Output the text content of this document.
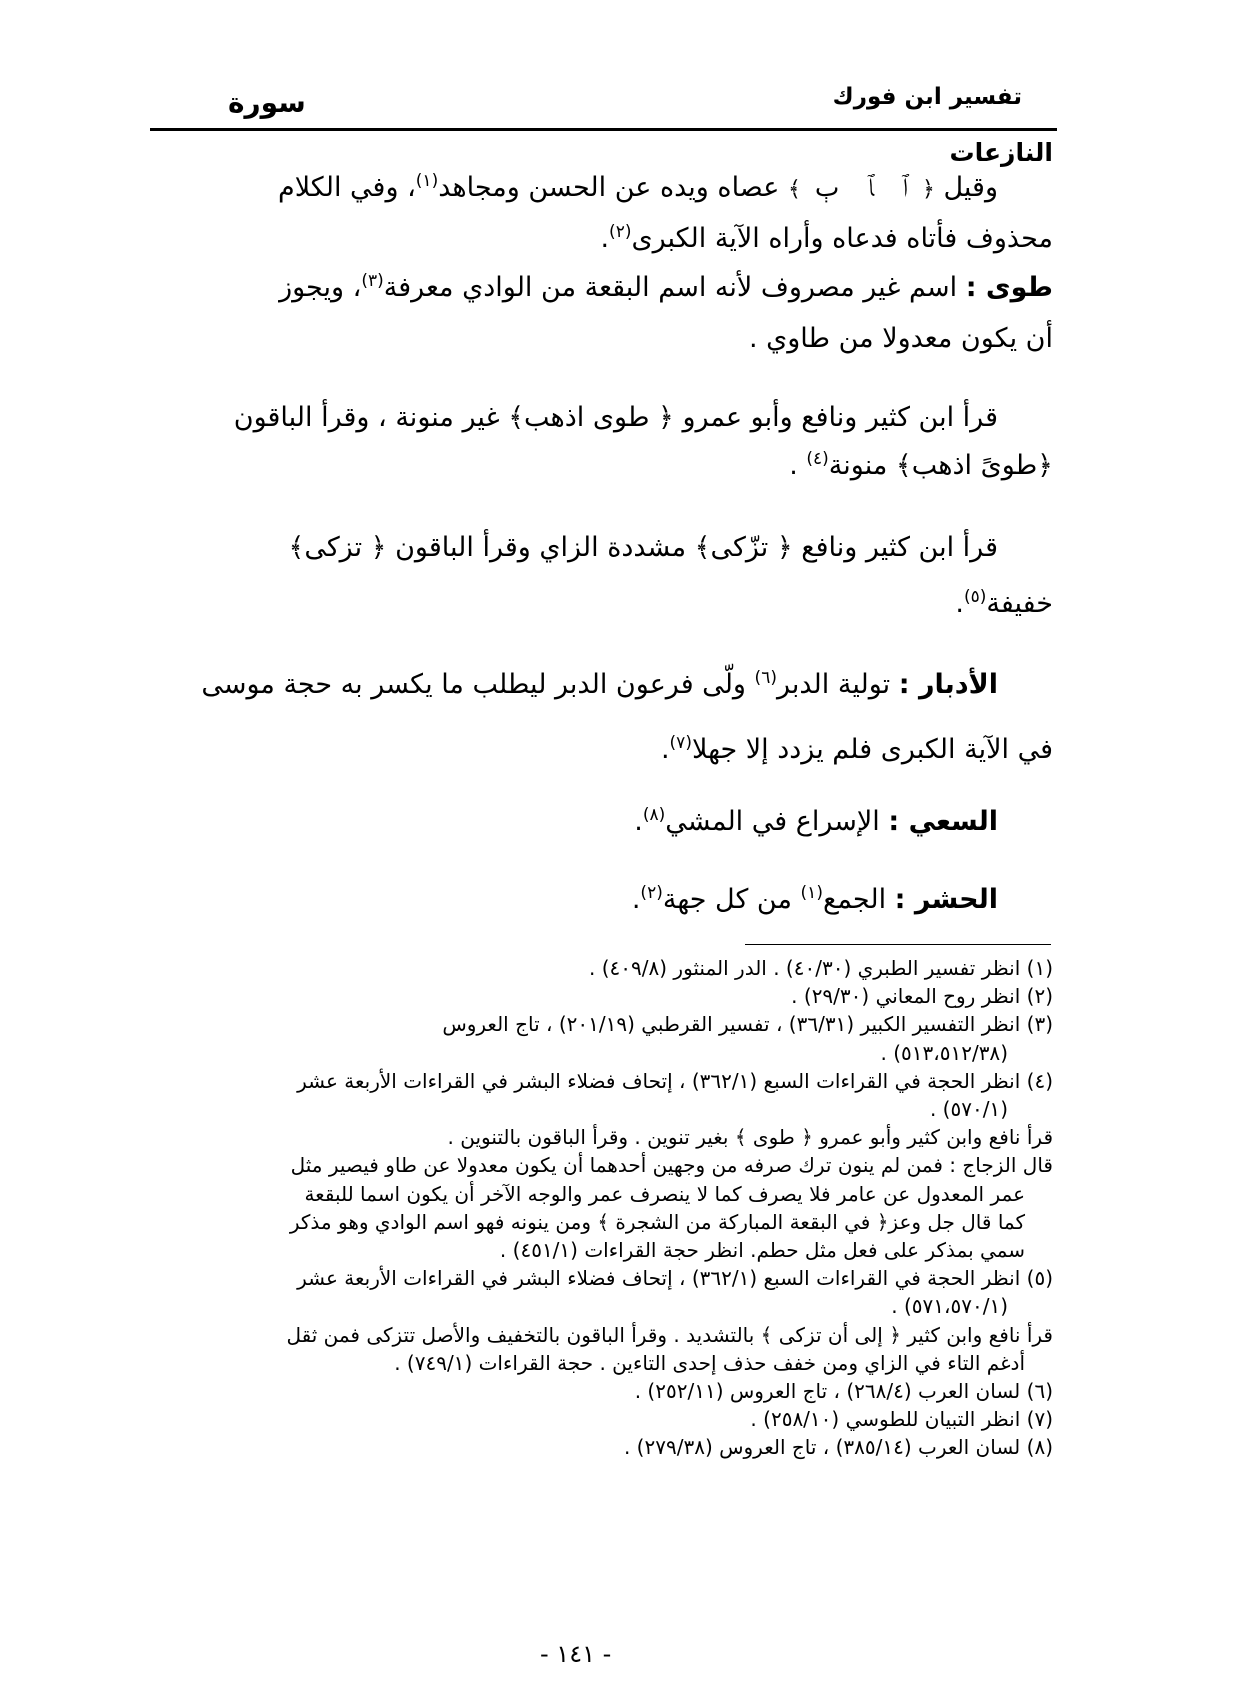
تفسير ابن فورك
سورة
النازعات

وقيل ﴿ﭐﭑﭒ﴾ عصاه ويده عن الحسن ومجاهد$^{(١)}$، وفي الكلام

محذوف فأتاه فدعاه وأراه الآية الكبرى$^{(٢)}$.

طوى : اسم غير مصروف لأنه اسم البقعة من الوادي معرفة$^{(٣)}$، ويجوز

أن يكون معدولا من طاوي .

قرأ ابن كثير ونافع وأبو عمرو ﴿ طوى اذهب﴾ غير منونة ، وقرأ الباقون

﴿طوىً اذهب﴾ منونة$^{(٤)}$ .

قرأ ابن كثير ونافع ﴿ تزّكى﴾ مشددة الزاي وقرأ الباقون ﴿ تزكى﴾

خفيفة$^{(٥)}$.

الأدبار : تولية الدبر$^{(٦)}$ ولّى فرعون الدبر ليطلب ما يكسر به حجة موسى

في الآية الكبرى فلم يزدد إلا جهلا$^{(٧)}$.

السعي : الإسراع في المشي$^{(٨)}$.

الحشر : الجمع$^{(١)}$ من كل جهة$^{(٢)}$.

(١) انظر تفسير الطبري (٤٠/٣٠) . الدر المنثور (٤٠٩/٨) .
(٢) انظر روح المعاني (٢٩/٣٠) .
(٣) انظر التفسير الكبير (٣٦/٣١) ، تفسير القرطبي (٢٠١/١٩) ، تاج العروس
(٥١٣،٥١٢/٣٨) .
(٤) انظر الحجة في القراءات السبع (٣٦٢/١) ، إتحاف فضلاء البشر في القراءات الأربعة عشر
(٥٧٠/١) .
قرأ نافع وابن كثير وأبو عمرو ﴿ طوى ﴾ بغير تنوين . وقرأ الباقون بالتنوين .
قال الزجاج : فمن لم ينون ترك صرفه من وجهين أحدهما أن يكون معدولا عن طاو فيصير مثل
عمر المعدول عن عامر فلا يصرف كما لا ينصرف عمر والوجه الآخر أن يكون اسما للبقعة
كما قال جل وعز﴿ في البقعة المباركة من الشجرة ﴾ ومن ينونه فهو اسم الوادي وهو مذكر
سمي بمذكر على فعل مثل حطم. انظر حجة القراءات (٤٥١/١) .
(٥) انظر الحجة في القراءات السبع (٣٦٢/١) ، إتحاف فضلاء البشر في القراءات الأربعة عشر
(٥٧١،٥٧٠/١) .
قرأ نافع وابن كثير ﴿ إلى أن تزكى ﴾ بالتشديد . وقرأ الباقون بالتخفيف والأصل تتزكى فمن ثقل
أدغم التاء في الزاي ومن خفف حذف إحدى التاءين . حجة القراءات (٧٤٩/١) .
(٦) لسان العرب (٢٦٨/٤) ، تاج العروس (٢٥٢/١١) .
(٧) انظر التبيان للطوسي (٢٥٨/١٠) .
(٨) لسان العرب (٣٨٥/١٤) ، تاج العروس (٢٧٩/٣٨) .
- ١٤١ -
